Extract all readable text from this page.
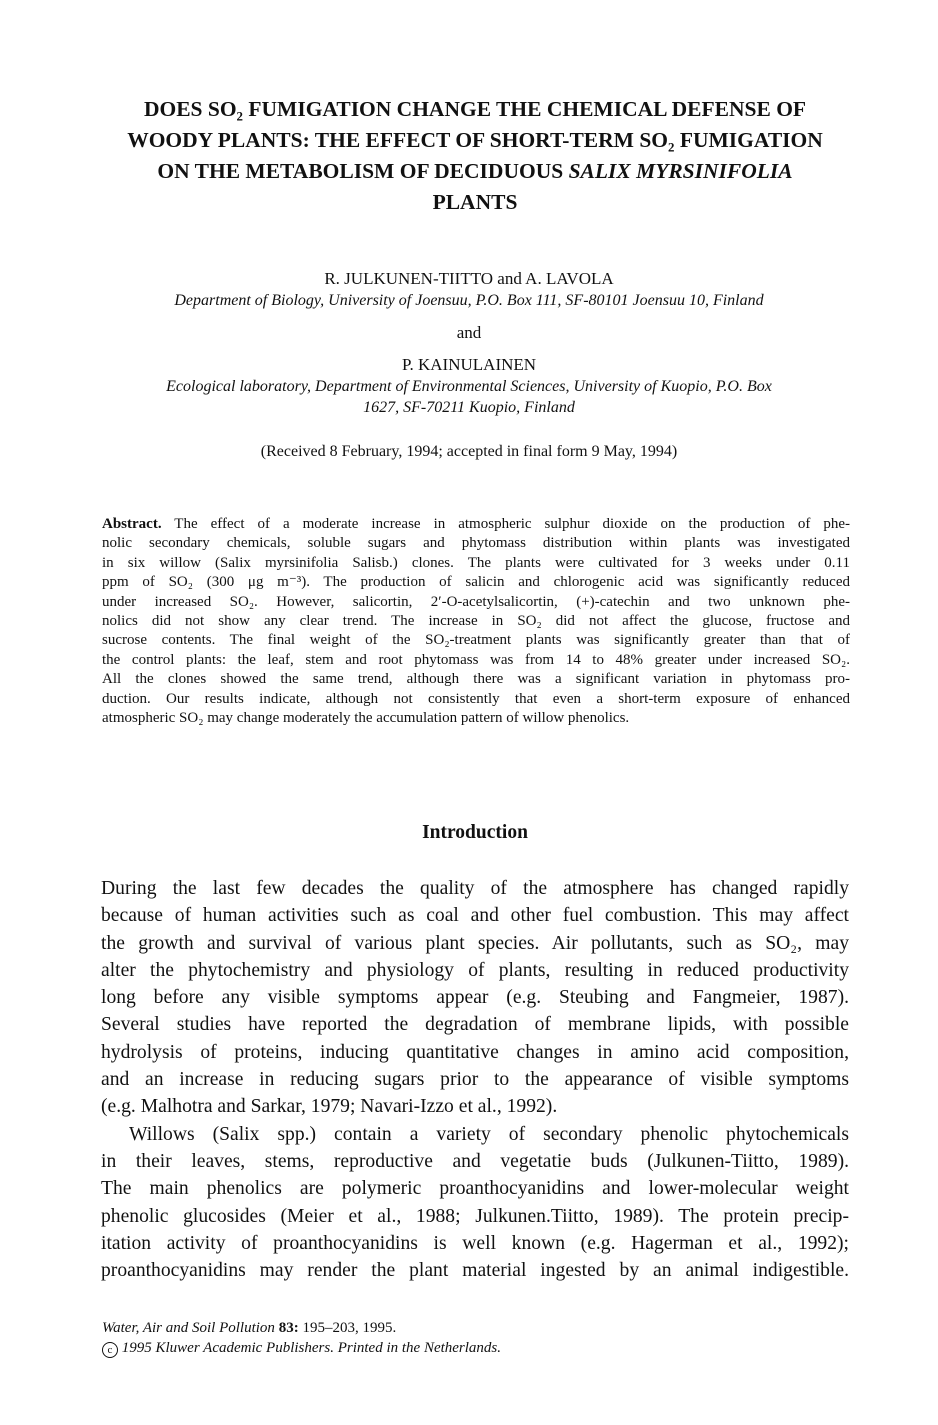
DOES SO₂ FUMIGATION CHANGE THE CHEMICAL DEFENSE OF
WOODY PLANTS: THE EFFECT OF SHORT-TERM SO₂ FUMIGATION
ON THE METABOLISM OF DECIDUOUS SALIX MYRSINIFOLIA
PLANTS
R. JULKUNEN-TIITTO and A. LAVOLA
Department of Biology, University of Joensuu, P.O. Box 111, SF-80101 Joensuu 10, Finland
and
P. KAINULAINEN
Ecological laboratory, Department of Environmental Sciences, University of Kuopio, P.O. Box
1627, SF-70211 Kuopio, Finland
(Received 8 February, 1994; accepted in final form 9 May, 1994)
Abstract. The effect of a moderate increase in atmospheric sulphur dioxide on the production of phe-
nolic secondary chemicals, soluble sugars and phytomass distribution within plants was investigated
in six willow (Salix myrsinifolia Salisb.) clones. The plants were cultivated for 3 weeks under 0.11
ppm of SO₂ (300 μg m⁻³). The production of salicin and chlorogenic acid was significantly reduced
under increased SO₂. However, salicortin, 2′-O-acetylsalicortin, (+)-catechin and two unknown phe-
nolics did not show any clear trend. The increase in SO₂ did not affect the glucose, fructose and
sucrose contents. The final weight of the SO₂-treatment plants was significantly greater than that of
the control plants: the leaf, stem and root phytomass was from 14 to 48% greater under increased SO₂.
All the clones showed the same trend, although there was a significant variation in phytomass pro-
duction. Our results indicate, although not consistently that even a short-term exposure of enhanced
atmospheric SO₂ may change moderately the accumulation pattern of willow phenolics.
Introduction
During the last few decades the quality of the atmosphere has changed rapidly
because of human activities such as coal and other fuel combustion. This may affect
the growth and survival of various plant species. Air pollutants, such as SO₂, may
alter the phytochemistry and physiology of plants, resulting in reduced productivity
long before any visible symptoms appear (e.g. Steubing and Fangmeier, 1987).
Several studies have reported the degradation of membrane lipids, with possible
hydrolysis of proteins, inducing quantitative changes in amino acid composition,
and an increase in reducing sugars prior to the appearance of visible symptoms
(e.g. Malhotra and Sarkar, 1979; Navari-Izzo et al., 1992).
Willows (Salix spp.) contain a variety of secondary phenolic phytochemicals
in their leaves, stems, reproductive and vegetatie buds (Julkunen-Tiitto, 1989).
The main phenolics are polymeric proanthocyanidins and lower-molecular weight
phenolic glucosides (Meier et al., 1988; Julkunen.Tiitto, 1989). The protein precip-
itation activity of proanthocyanidins is well known (e.g. Hagerman et al., 1992);
proanthocyanidins may render the plant material ingested by an animal indigestible.
Water, Air and Soil Pollution 83: 195–203, 1995.
c 1995 Kluwer Academic Publishers. Printed in the Netherlands.
